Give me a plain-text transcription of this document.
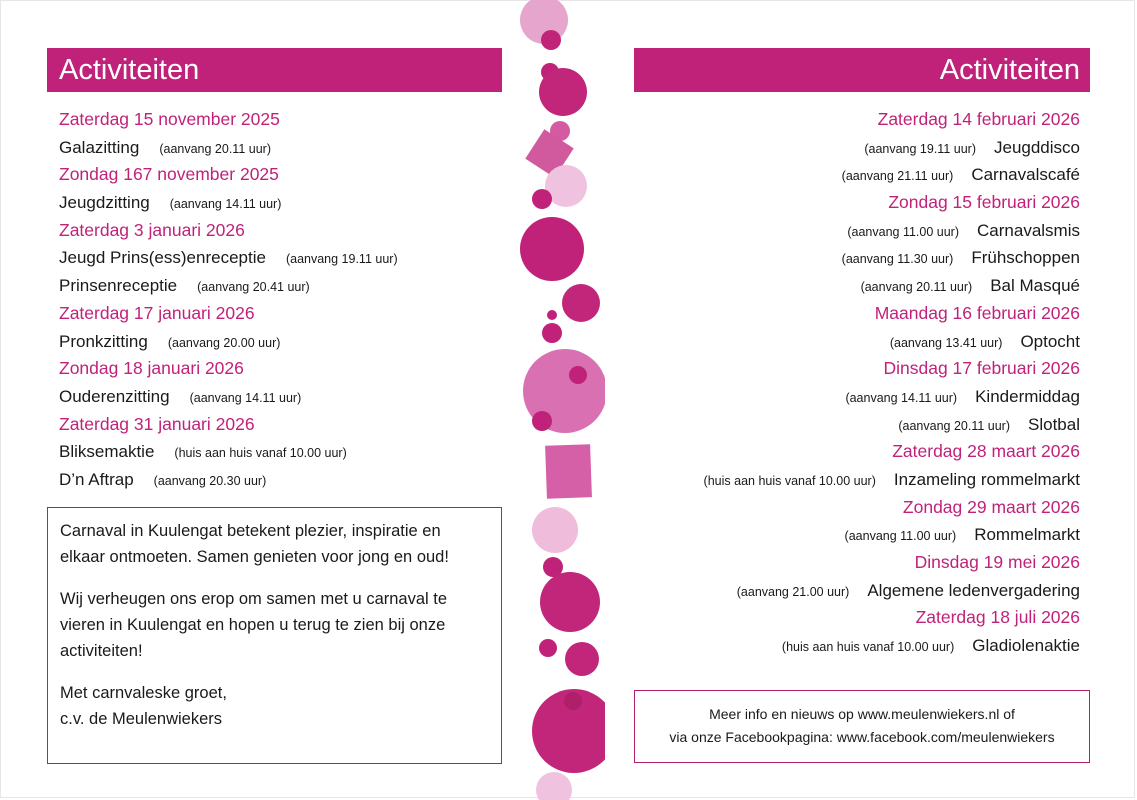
Activiteiten
Zaterdag 15 november 2025
Galazitting (aanvang 20.11 uur)
Zondag 167 november 2025
Jeugdzitting (aanvang 14.11 uur)
Zaterdag 3 januari 2026
Jeugd Prins(ess)enreceptie (aanvang 19.11 uur)
Prinsenreceptie (aanvang 20.41 uur)
Zaterdag 17 januari 2026
Pronkzitting (aanvang 20.00 uur)
Zondag 18 januari 2026
Ouderenzitting (aanvang 14.11 uur)
Zaterdag 31 januari 2026
Bliksemaktie (huis aan huis vanaf 10.00 uur)
D’n Aftrap (aanvang 20.30 uur)

Carnaval in Kuulengat betekent plezier, inspiratie en elkaar ontmoeten. Samen genieten voor jong en oud!

Wij verheugen ons erop om samen met u carnaval te vieren in Kuulengat en hopen u terug te zien bij onze activiteiten!

Met carnvaleske groet,
c.v. de Meulenwiekers

Activiteiten
Zaterdag 14 februari 2026
(aanvang 19.11 uur) Jeugddisco
(aanvang 21.11 uur) Carnavalscafé
Zondag 15 februari 2026
(aanvang 11.00 uur) Carnavalsmis
(aanvang 11.30 uur) Frühschoppen
(aanvang 20.11 uur) Bal Masqué
Maandag 16 februari 2026
(aanvang 13.41 uur) Optocht
Dinsdag 17 februari 2026
(aanvang 14.11 uur) Kindermiddag
(aanvang 20.11 uur) Slotbal
Zaterdag 28 maart 2026
(huis aan huis vanaf 10.00 uur) Inzameling rommelmarkt
Zondag 29 maart 2026
(aanvang 11.00 uur) Rommelmarkt
Dinsdag 19 mei 2026
(aanvang 21.00 uur) Algemene ledenvergadering
Zaterdag 18 juli 2026
(huis aan huis vanaf 10.00 uur) Gladiolenaktie
Meer info en nieuws op www.meulenwiekers.nl of
via onze Facebookpagina: www.facebook.com/meulenwiekers
